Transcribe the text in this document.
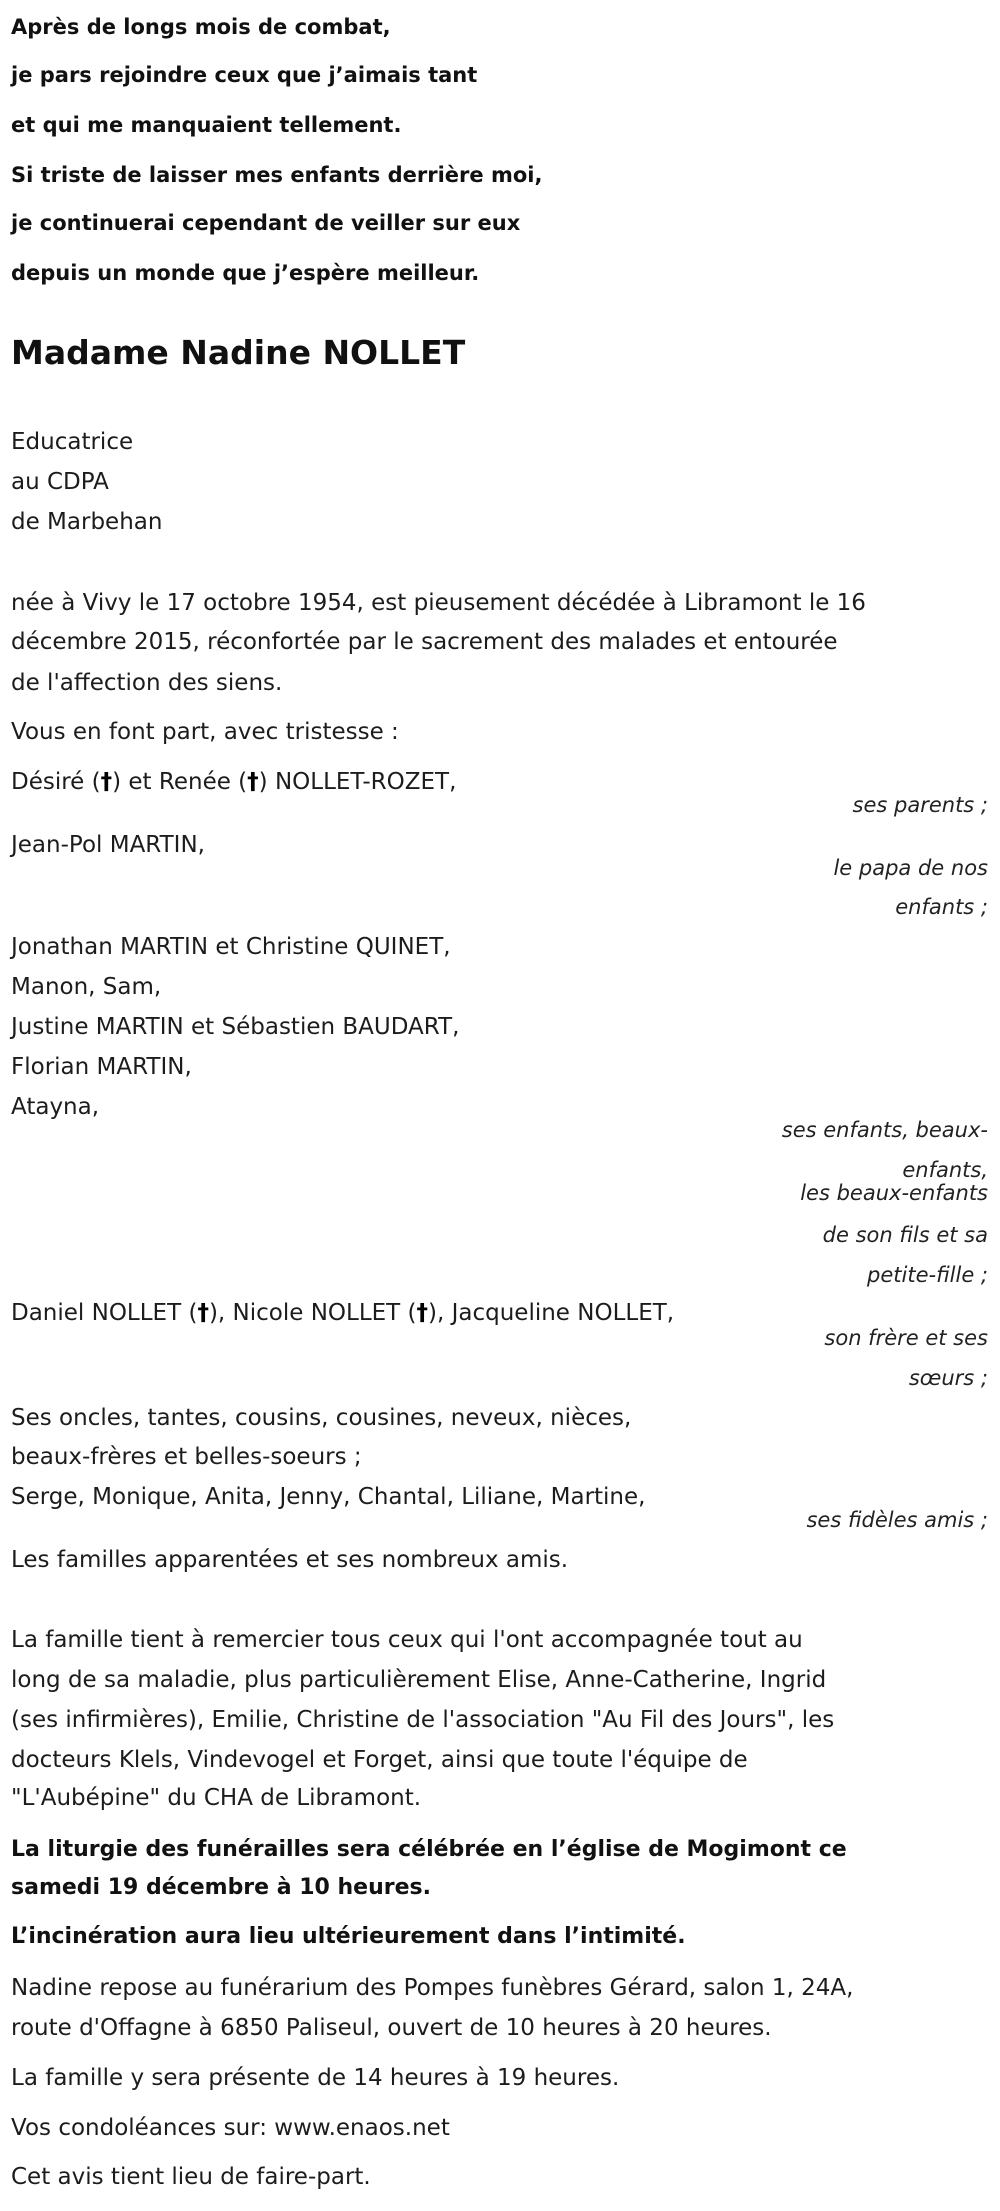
Après de longs mois de combat,
je pars rejoindre ceux que j’aimais tant
et qui me manquaient tellement.
Si triste de laisser mes enfants derrière moi,
je continuerai cependant de veiller sur eux
depuis un monde que j’espère meilleur.
Madame Nadine NOLLET
Educatrice
au CDPA
de Marbehan
née à Vivy le 17 octobre 1954, est pieusement décédée à Libramont le 16
décembre 2015, réconfortée par le sacrement des malades et entourée
de l'affection des siens.
Vous en font part, avec tristesse :
Désiré (†) et Renée (†) NOLLET-ROZET,
ses parents ;
Jean-Pol MARTIN,
le papa de nos
enfants ;
Jonathan MARTIN et Christine QUINET,
Manon, Sam,
Justine MARTIN et Sébastien BAUDART,
Florian MARTIN,
Atayna,
ses enfants, beaux-
enfants,
les beaux-enfants
de son fils et sa
petite-fille ;
Daniel NOLLET (†), Nicole NOLLET (†), Jacqueline NOLLET,
son frère et ses
sœurs ;
Ses oncles, tantes, cousins, cousines, neveux, nièces,
beaux-frères et belles-soeurs ;
Serge, Monique, Anita, Jenny, Chantal, Liliane, Martine,
ses fidèles amis ;
Les familles apparentées et ses nombreux amis.
La famille tient à remercier tous ceux qui l'ont accompagnée tout au
long de sa maladie, plus particulièrement Elise, Anne-Catherine, Ingrid
(ses infirmières), Emilie, Christine de l'association "Au Fil des Jours", les
docteurs Klels, Vindevogel et Forget, ainsi que toute l'équipe de
"L'Aubépine" du CHA de Libramont.
La liturgie des funérailles sera célébrée en l’église de Mogimont ce
samedi 19 décembre à 10 heures.
L’incinération aura lieu ultérieurement dans l’intimité.
Nadine repose au funérarium des Pompes funèbres Gérard, salon 1, 24A,
route d'Offagne à 6850 Paliseul, ouvert de 10 heures à 20 heures.
La famille y sera présente de 14 heures à 19 heures.
Vos condoléances sur: www.enaos.net
Cet avis tient lieu de faire-part.
